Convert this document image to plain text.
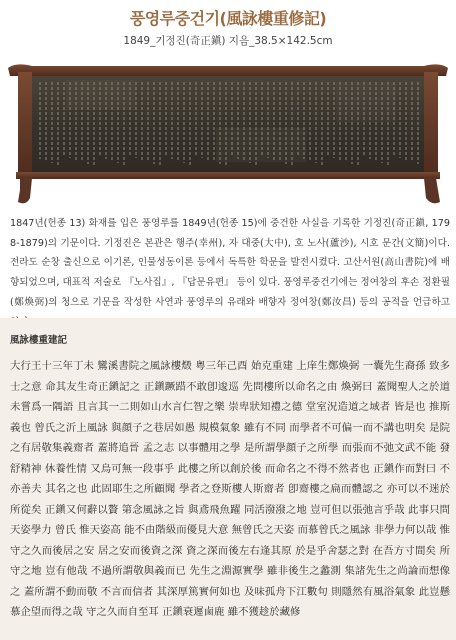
풍영루중건기(風詠樓重修記)
1849_기정진(奇正鎭) 지음_38.5×142.5cm
1847년(헌종 13) 화재를 입은 풍영루를 1849년(헌종 15)에 중건한 사실을 기록한 기정진(奇正鎭, 1798-1879)의 기문이다. 기정진은 본관은 행주(幸州), 자 대중(大中), 호 노사(蘆沙), 시호 문간(文簡)이다. 전라도 순창 출신으로 이기론, 인물성동이론 등에서 독특한 학문을 발전시켰다. 고산서원(高山書院)에 배향되었으며, 대표적 저술로 『노사집』, 『답문유편』 등이 있다. 풍영루중건기에는 정여창의 후손 정환필(鄭煥弼)의 청으로 기문을 작성한 사연과 풍영루의 유래와 배향자 정여창(鄭汝昌) 등의 공적을 언급하고
風詠樓重建記
大行王十三年丁未 鸞溪書院之風詠樓燬 粤三年己酉 始克重建 上庠生鄭煥弼 一囊先生裔孫 致多士之意 命其友生奇正鎭記之 正鎭蹶踖不敢卽逡巡 先問樓所以命名之由 煥弼曰 蓋聞聖人之於道 未嘗爲一隅語 且言其一二則如山水言仁智之樂 崇卑狀知禮之德 堂室況造道之域者 皆是也 推斯義也 曾氏之沂上風詠 與顔子之巷居如愚 規模氣象 雖有不同 而學者不可偏一而不講也明矣 是院之有居敬集義齋者 蓋將追晉 孟之志 以事體用之學 是所謂學顔子之所學 而張而不弛文武不能 發舒精神 休養性情 又烏可無一段事乎 此樓之所以創於後 而命名之不得不然者也 正鎭作而對曰 不亦善夫 其名之也 此固耶生之所顧聞 學者之登斯樓人斯齋者 卽齋樓之扁而體認之 亦可以不迷於所從矣 正鎭又何辭以贅 第念風詠之旨 與鳶飛魚躍 同活潑潑之地 豈可但以張弛言乎哉 此事只問天姿學力 曾氏 惟天姿高 能不由階級而優見大意 無曾氏之天姿 而慕曾氏之風詠 非學力何以哉 惟守之久而後居之安 居之安而後資之深 資之深而後左右逢其原 於是乎舍瑟之對 在吾方寸間矣 所守之地 豈有他哉 不過所謂敬與義而已 先生之淵源實學 雖非後生之蠡測 集諸先生之尚論而想像之 蓋所謂不動而敬 不言而信者 其深厚篤實何如也 及味孤舟下江數句 則隱然有風浴氣象 此豈懸慕企望而得之哉 守之久而自至耳 正鎭衰遲鹵鹿 雖不獲趁於藏修
